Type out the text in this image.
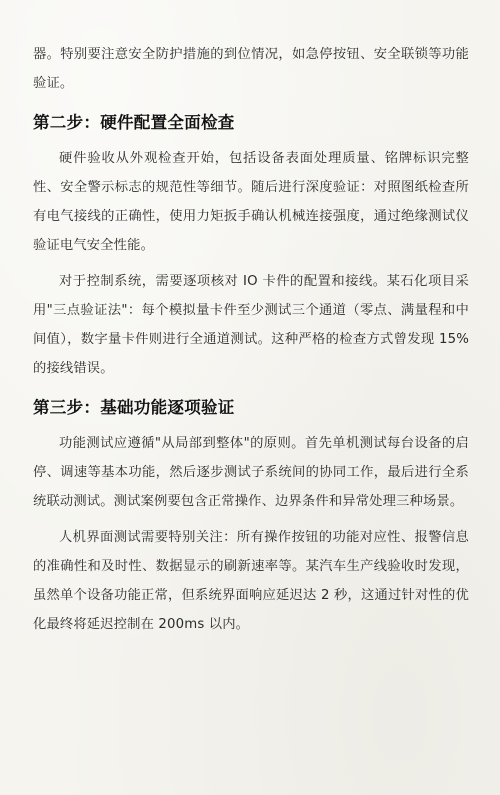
器。特别要注意安全防护措施的到位情况，如急停按钮、安全联锁等功能验证。

第二步：硬件配置全面检查

硬件验收从外观检查开始，包括设备表面处理质量、铭牌标识完整性、安全警示标志的规范性等细节。随后进行深度验证：对照图纸检查所有电气接线的正确性，使用力矩扳手确认机械连接强度，通过绝缘测试仪验证电气安全性能。

对于控制系统，需要逐项核对 IO 卡件的配置和接线。某石化项目采用"三点验证法"：每个模拟量卡件至少测试三个通道（零点、满量程和中间值），数字量卡件则进行全通道测试。这种严格的检查方式曾发现 15%的接线错误。

第三步：基础功能逐项验证

功能测试应遵循"从局部到整体"的原则。首先单机测试每台设备的启停、调速等基本功能，然后逐步测试子系统间的协同工作，最后进行全系统联动测试。测试案例要包含正常操作、边界条件和异常处理三种场景。

人机界面测试需要特别关注：所有操作按钮的功能对应性、报警信息的准确性和及时性、数据显示的刷新速率等。某汽车生产线验收时发现，虽然单个设备功能正常，但系统界面响应延迟达 2 秒，这通过针对性的优化最终将延迟控制在 200ms 以内。
